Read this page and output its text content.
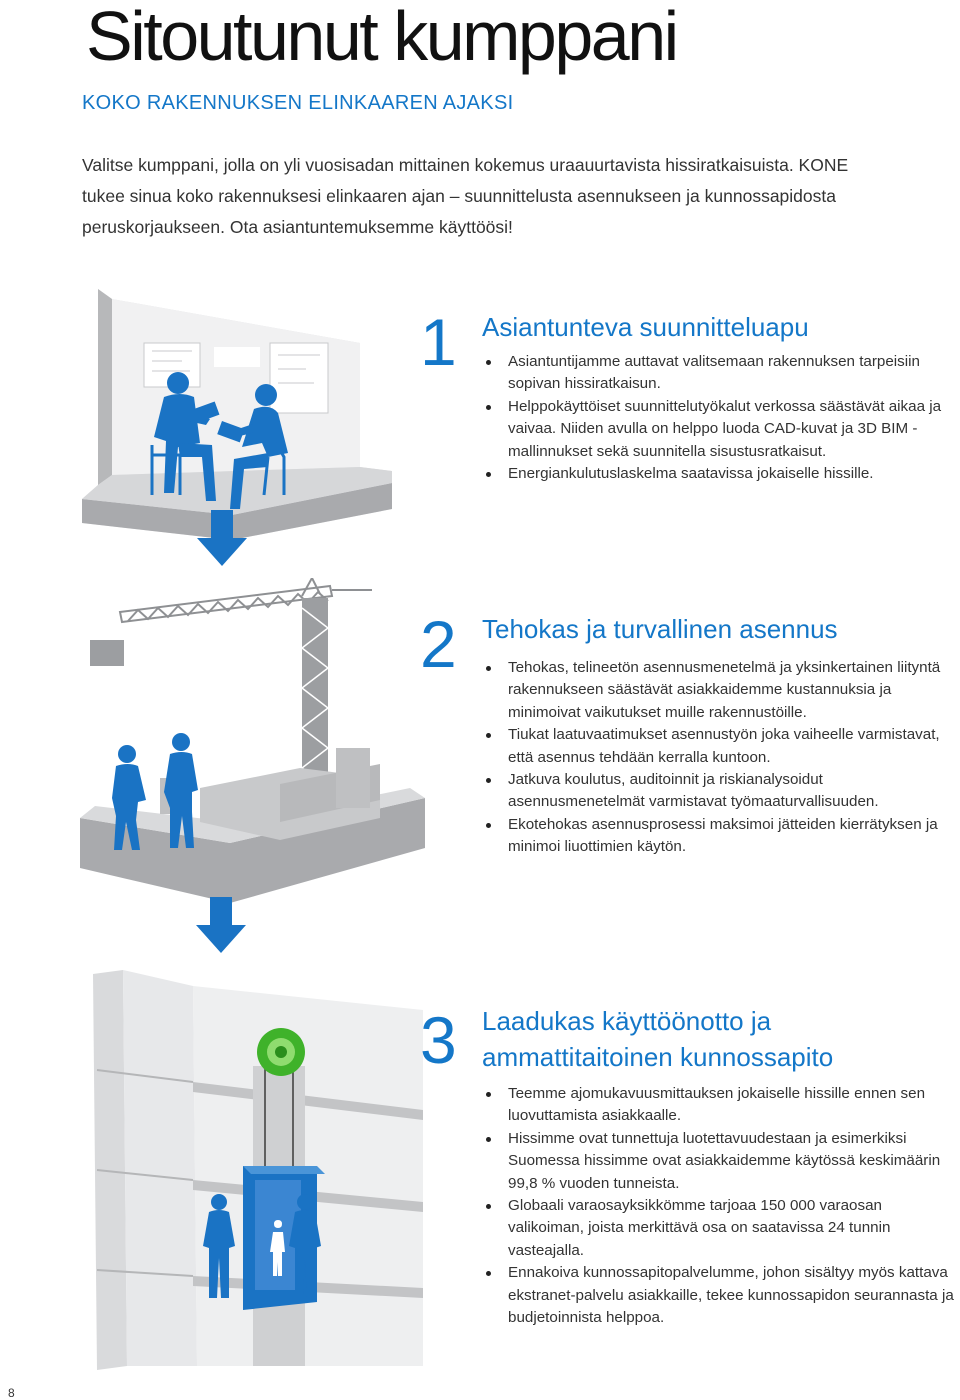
Sitoutunut kumppani
KOKO RAKENNUKSEN ELINKAAREN AJAKSI

Valitse kumppani, jolla on yli vuosisadan mittainen kokemus uraauurtavista hissiratkaisuista. KONE tukee sinua koko rakennuksesi elinkaaren ajan – suunnittelusta asennukseen ja kunnossapidosta peruskorjaukseen. Ota asiantuntemuksemme käyttöösi!

1 Asiantunteva suunnitteluapu
Asiantuntijamme auttavat valitsemaan rakennuksen tarpeisiin sopivan hissiratkaisun.
Helppokäyttöiset suunnittelutyökalut verkossa säästävät aikaa ja vaivaa. Niiden avulla on helppo luoda CAD-kuvat ja 3D BIM -mallinnukset sekä suunnitella sisustusratkaisut.
Energiankulutuslaskelma saatavissa jokaiselle hissille.
2 Tehokas ja turvallinen asennus
Tehokas, telineetön asennusmenetelmä ja yksinkertainen liityntä rakennukseen säästävät asiakkaidemme kustannuksia ja minimoivat vaikutukset muille rakennustöille.
Tiukat laatuvaatimukset asennustyön joka vaiheelle varmistavat, että asennus tehdään kerralla kuntoon.
Jatkuva koulutus, auditoinnit ja riskianalysoidut asennusmenetelmät varmistavat työmaaturvallisuuden.
Ekotehokas asennusprosessi maksimoi jätteiden kierrätyksen ja minimoi liuottimien käytön.
3 Laadukas käyttöönotto ja ammattitaitoinen kunnossapito
Teemme ajomukavuusmittauksen jokaiselle hissille ennen sen luovuttamista asiakkaalle.
Hissimme ovat tunnettuja luotettavuudestaan ja esimerkiksi Suomessa hissimme ovat asiakkaidemme käytössä keskimäärin 99,8 % vuoden tunneista.
Globaali varaosayksikkömme tarjoaa 150 000 varaosan valikoiman, joista merkittävä osa on saatavissa 24 tunnin vasteajalla.
Ennakoiva kunnossapitopalvelumme, johon sisältyy myös kattava ekstranet-palvelu asiakkaille, tekee kunnossapidon seurannasta ja budjetoinnista helppoa.
8
